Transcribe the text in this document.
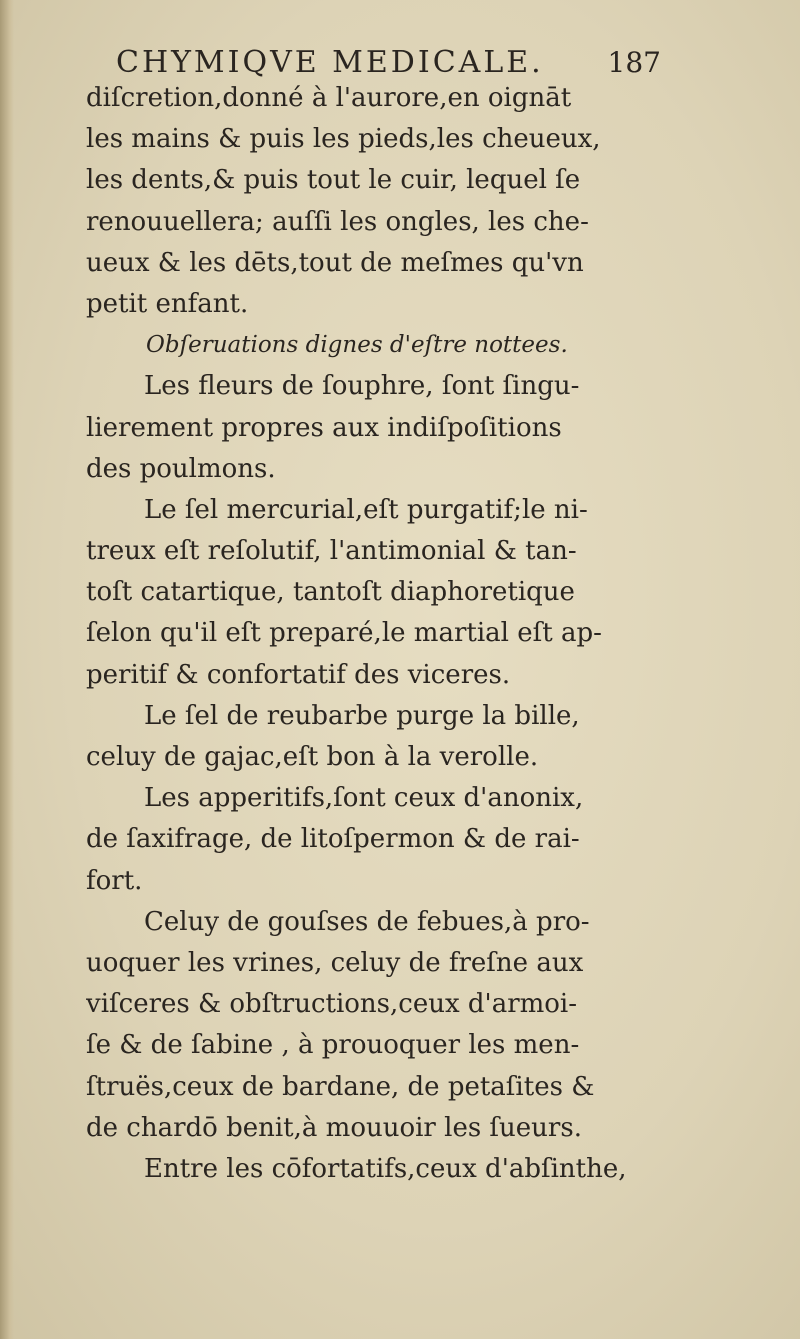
CHYMIQVE MEDICALE. 187
diſcretion,donné à l'aurore,en oignāt
les mains & puis les pieds,les cheueux,
les dents,& puis tout le cuir, lequel ſe
renouuellera; auſſi les ongles, les che-
ueux & les dēts,tout de meſmes qu'vn
petit enfant.
Obſeruations dignes d'eſtre nottees.
Les fleurs de ſouphre, ſont ſingu-
lierement propres aux indiſpoſitions
des poulmons.
Le ſel mercurial,eſt purgatif;le ni-
treux eſt reſolutif, l'antimonial & tan-
toſt catartique, tantoſt diaphoretique
ſelon qu'il eſt preparé,le martial eſt ap-
peritif & confortatif des viceres.
Le ſel de reubarbe purge la bille,
celuy de gajac,eſt bon à la verolle.
Les apperitifs,ſont ceux d'anonix,
de ſaxifrage, de litoſpermon & de rai-
fort.
Celuy de gouſses de febues,à pro-
uoquer les vrines, celuy de freſne aux
viſceres & obſtructions,ceux d'armoi-
ſe & de ſabine , à prouoquer les men-
ſtruës,ceux de bardane, de petaſites &
de chardō benit,à mouuoir les ſueurs.
Entre les cōfortatifs,ceux d'abſinthe,
